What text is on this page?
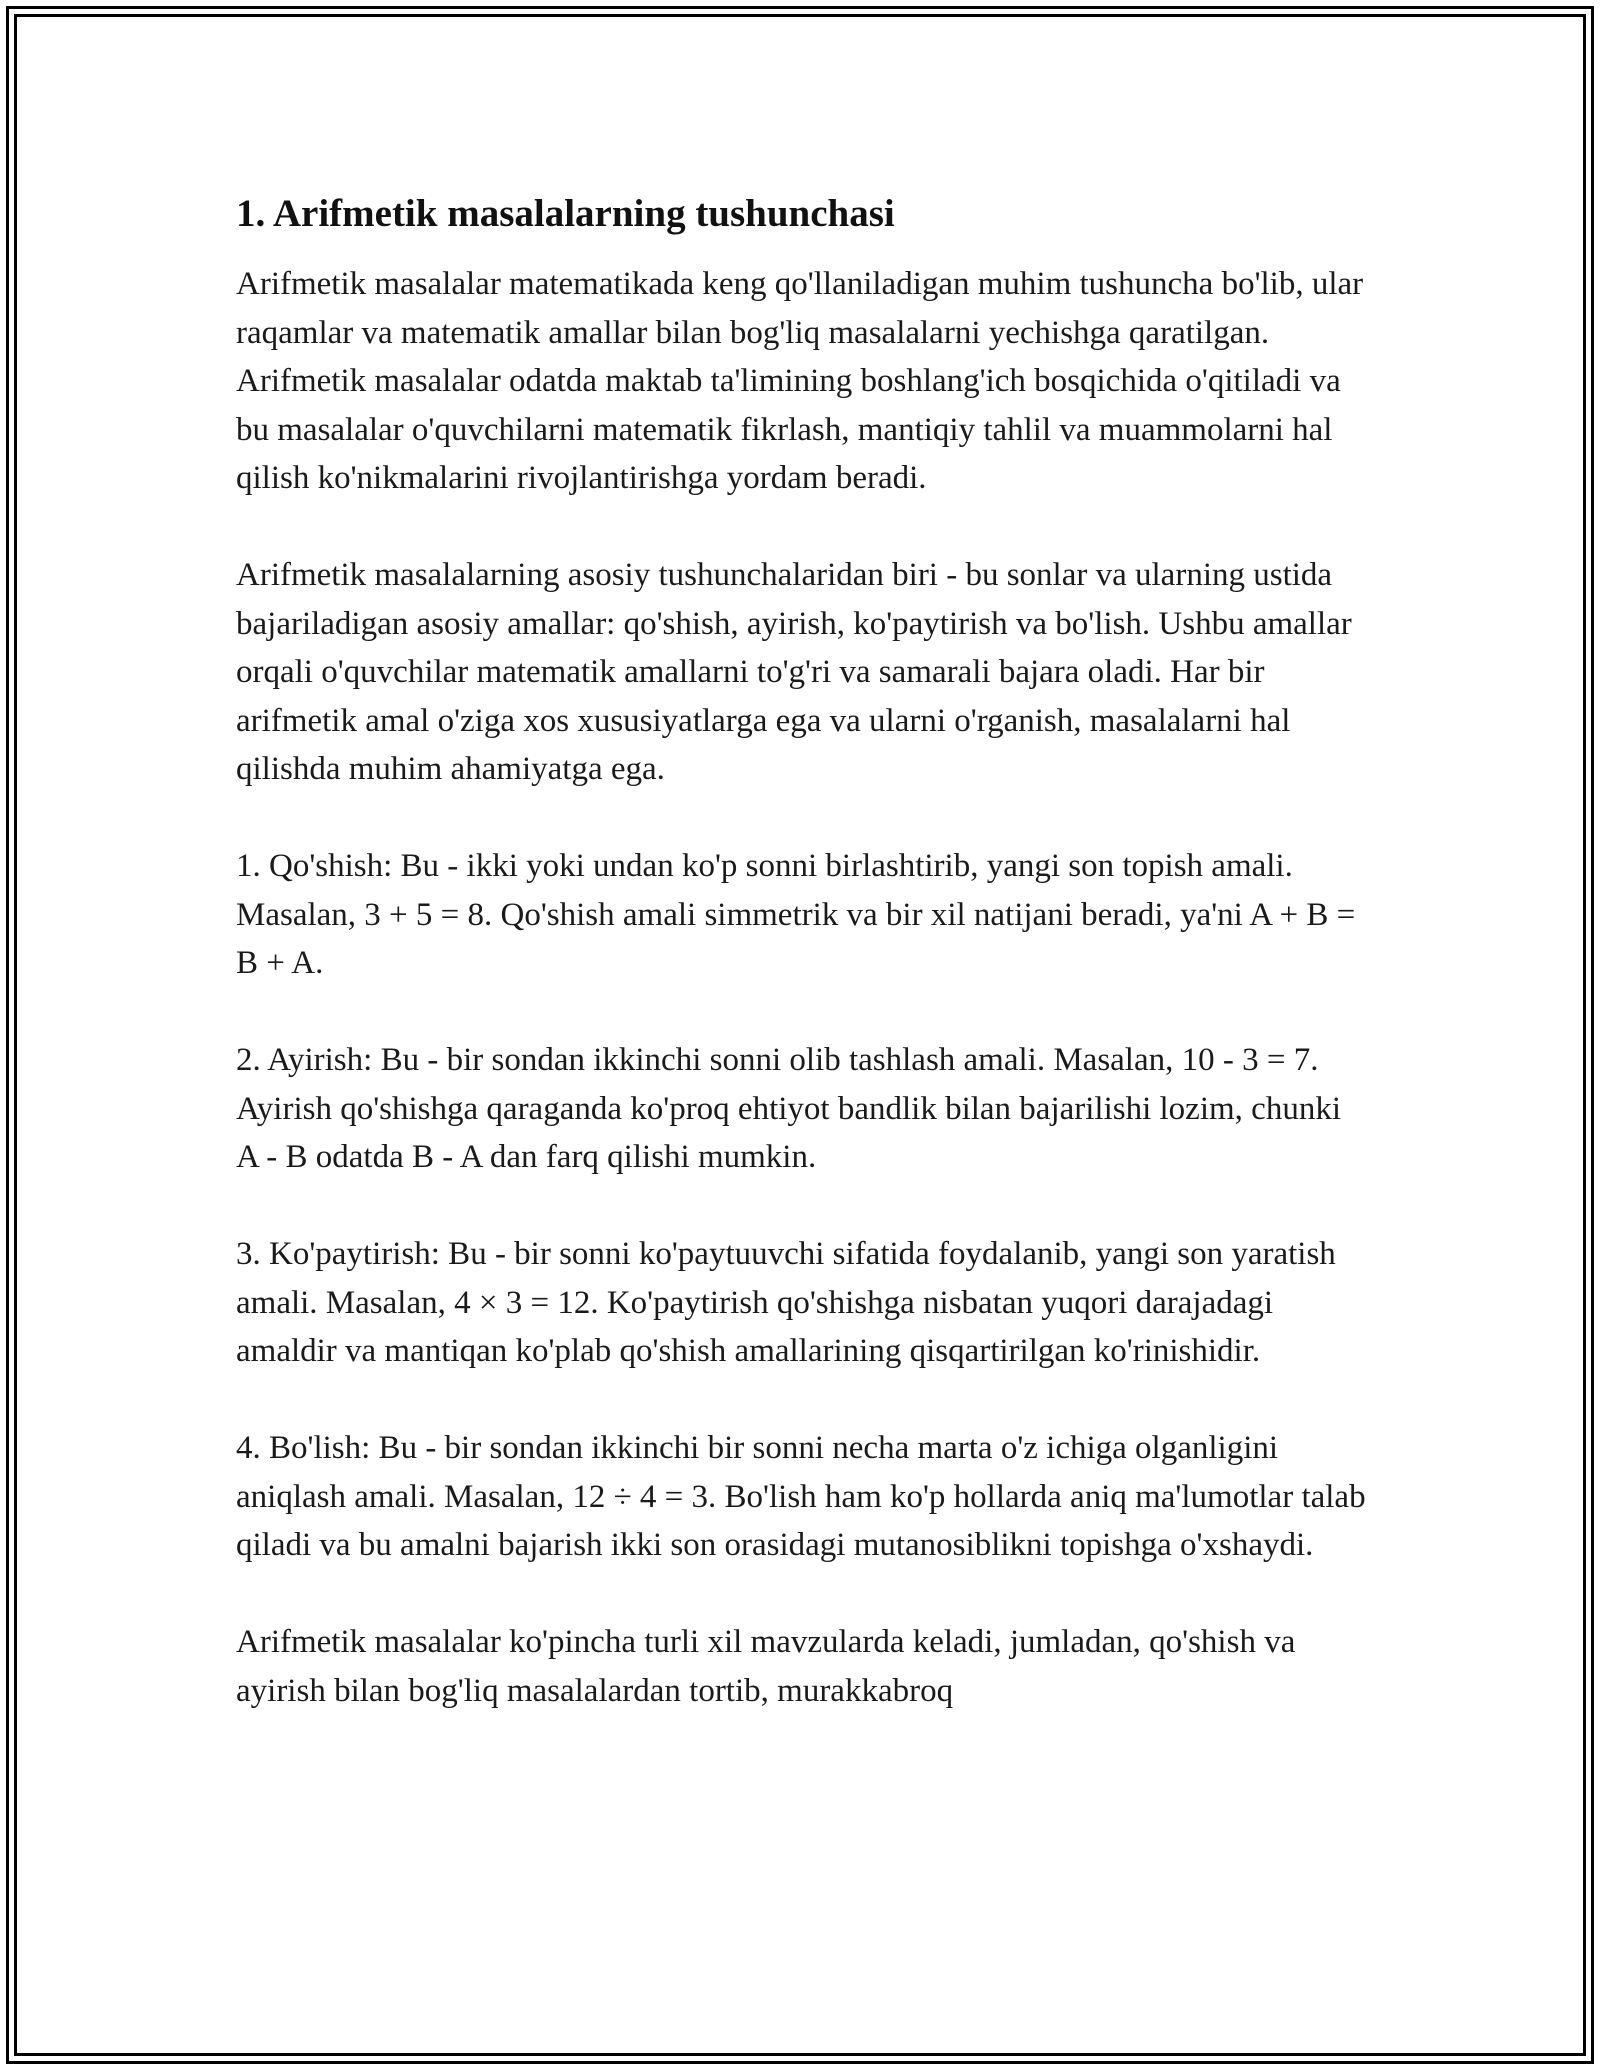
1. Arifmetik masalalarning tushunchasi

Arifmetik masalalar matematikada keng qo'llaniladigan muhim tushuncha bo'lib, ular raqamlar va matematik amallar bilan bog'liq masalalarni yechishga qaratilgan. Arifmetik masalalar odatda maktab ta'limining boshlang'ich bosqichida o'qitiladi va bu masalalar o'quvchilarni matematik fikrlash, mantiqiy tahlil va muammolarni hal qilish ko'nikmalarini rivojlantirishga yordam beradi.

Arifmetik masalalarning asosiy tushunchalaridan biri - bu sonlar va ularning ustida bajariladigan asosiy amallar: qo'shish, ayirish, ko'paytirish va bo'lish. Ushbu amallar orqali o'quvchilar matematik amallarni to'g'ri va samarali bajara oladi. Har bir arifmetik amal o'ziga xos xususiyatlarga ega va ularni o'rganish, masalalarni hal qilishda muhim ahamiyatga ega.

1. Qo'shish: Bu - ikki yoki undan ko'p sonni birlashtirib, yangi son topish amali. Masalan, 3 + 5 = 8. Qo'shish amali simmetrik va bir xil natijani beradi, ya'ni A + B = B + A.

2. Ayirish: Bu - bir sondan ikkinchi sonni olib tashlash amali. Masalan, 10 - 3 = 7. Ayirish qo'shishga qaraganda ko'proq ehtiyot bandlik bilan bajarilishi lozim, chunki A - B odatda B - A dan farq qilishi mumkin.

3. Ko'paytirish: Bu - bir sonni ko'paytuuvchi sifatida foydalanib, yangi son yaratish amali. Masalan, 4 × 3 = 12. Ko'paytirish qo'shishga nisbatan yuqori darajadagi amaldir va mantiqan ko'plab qo'shish amallarining qisqartirilgan ko'rinishidir.

4. Bo'lish: Bu - bir sondan ikkinchi bir sonni necha marta o'z ichiga olganligini aniqlash amali. Masalan, 12 ÷ 4 = 3. Bo'lish ham ko'p hollarda aniq ma'lumotlar talab qiladi va bu amalni bajarish ikki son orasidagi mutanosiblikni topishga o'xshaydi.

Arifmetik masalalar ko'pincha turli xil mavzularda keladi, jumladan, qo'shish va ayirish bilan bog'liq masalalardan tortib, murakkabroq
